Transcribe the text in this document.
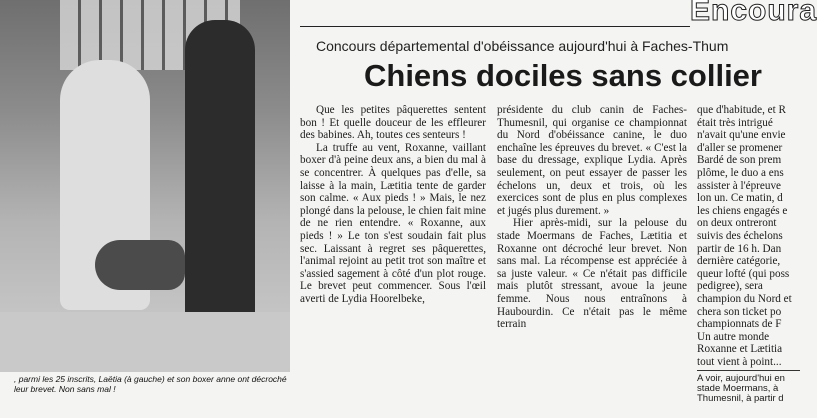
, parmi les 25 inscrits, Laëtia (à gauche) et son boxer anne ont décroché leur brevet. Non sans mal !
Encoura
Concours départemental d'obéissance aujourd'hui à Faches-Thum
Chiens dociles sans collier

Que les petites pâquerettes sentent bon ! Et quelle douceur de les effleurer des babines. Ah, toutes ces senteurs !

La truffe au vent, Roxanne, vaillant boxer d'à peine deux ans, a bien du mal à se concentrer. À quelques pas d'elle, sa laisse à la main, Lætitia tente de garder son calme. « Aux pieds ! » Mais, le nez plongé dans la pelouse, le chien fait mine de ne rien entendre. « Roxanne, aux pieds ! » Le ton s'est soudain fait plus sec. Laissant à regret ses pâquerettes, l'animal rejoint au petit trot son maître et s'assied sagement à côté d'un plot rouge. Le brevet peut commencer. Sous l'œil averti de Lydia Hoorelbeke,

présidente du club canin de Faches-Thumesnil, qui organise ce championnat du Nord d'obéissance canine, le duo enchaîne les épreuves du brevet. « C'est la base du dressage, explique Lydia. Après seulement, on peut essayer de passer les échelons un, deux et trois, où les exercices sont de plus en plus complexes et jugés plus durement. »

Hier après-midi, sur la pelouse du stade Moermans de Faches, Lætitia et Roxanne ont décroché leur brevet. Non sans mal. La récompense est appréciée à sa juste valeur. « Ce n'était pas difficile mais plutôt stressant, avoue la jeune femme. Nous nous entraînons à Haubourdin. Ce n'était pas le même terrain

que d'habitude, et R

était très intrigué

n'avait qu'une envie

d'aller se promener

Bardé de son prem

plôme, le duo a ens

assister à l'épreuve

lon un. Ce matin, d

les chiens engagés e

on deux ontreront

suivis des échelons

partir de 16 h. Dan

dernière catégorie,

queur lofté (qui poss

pedigree), sera

champion du Nord et

chera son ticket po

championnats de F

Un autre monde

Roxanne et Lætitia

tout vient à point...

A voir, aujourd'hui en
stade Moermans, à
Thumesnil, à partir d
